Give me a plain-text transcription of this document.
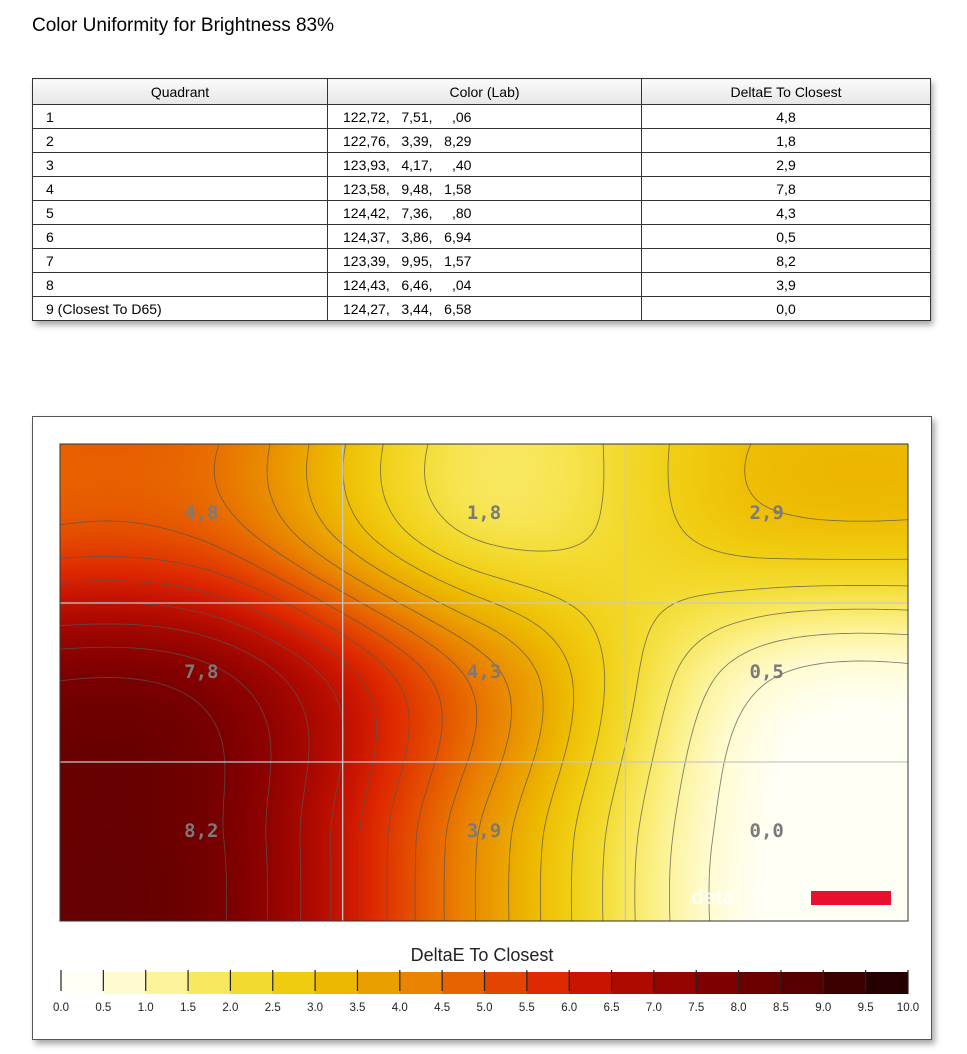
Color Uniformity for Brightness 83%
Quadrant	Color (Lab)	DeltaE To Closest
1	122,72,   7,51,     ,06	4,8
2	122,76,   3,39,   8,29	1,8
3	123,93,   4,17,     ,40	2,9
4	123,58,   9,48,   1,58	7,8
5	124,42,   7,36,     ,80	4,3
6	124,37,   3,86,   6,94	0,5
7	123,39,   9,95,   1,57	8,2
8	124,43,   6,46,     ,04	3,9
9 (Closest To D65)	124,27,   3,44,   6,58	0,0
4,8	1,8	2,9
7,8	4,3	0,5
8,2	3,9	0,0
deta
DeltaE To Closest
0.0 0.5 1.0 1.5 2.0 2.5 3.0 3.5 4.0 4.5 5.0 5.5 6.0 6.5 7.0 7.5 8.0 8.5 9.0 9.5 10.0
